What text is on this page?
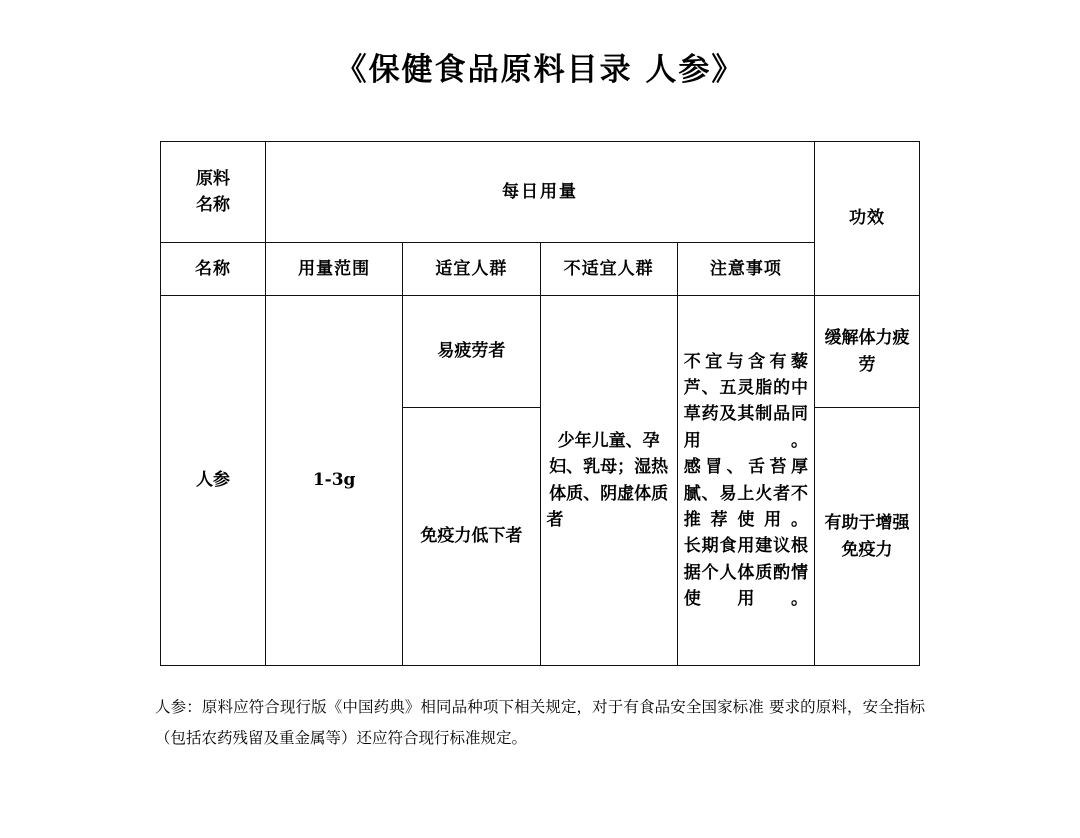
《保健食品原料目录 人参》
原料
名称	每日用量				功效
名称	用量范围	适宜人群	不适宜人群	注意事项	
人参	1-3g	易疲劳者	少年儿童、孕妇、乳母；湿热体质、阴虚体质者	不宜与含有藜芦、五灵脂的中草药及其制品同用。
感冒、舌苔厚腻、易上火者不推荐使用。
长期食用建议根据个人体质酌情使用。	缓解体力疲劳
		免疫力低下者			有助于增强免疫力
人参：原料应符合现行版《中国药典》相同品种项下相关规定，对于有食品安全国家标准 要求的原料，安全指标（包括农药残留及重金属等）还应符合现行标准规定。
